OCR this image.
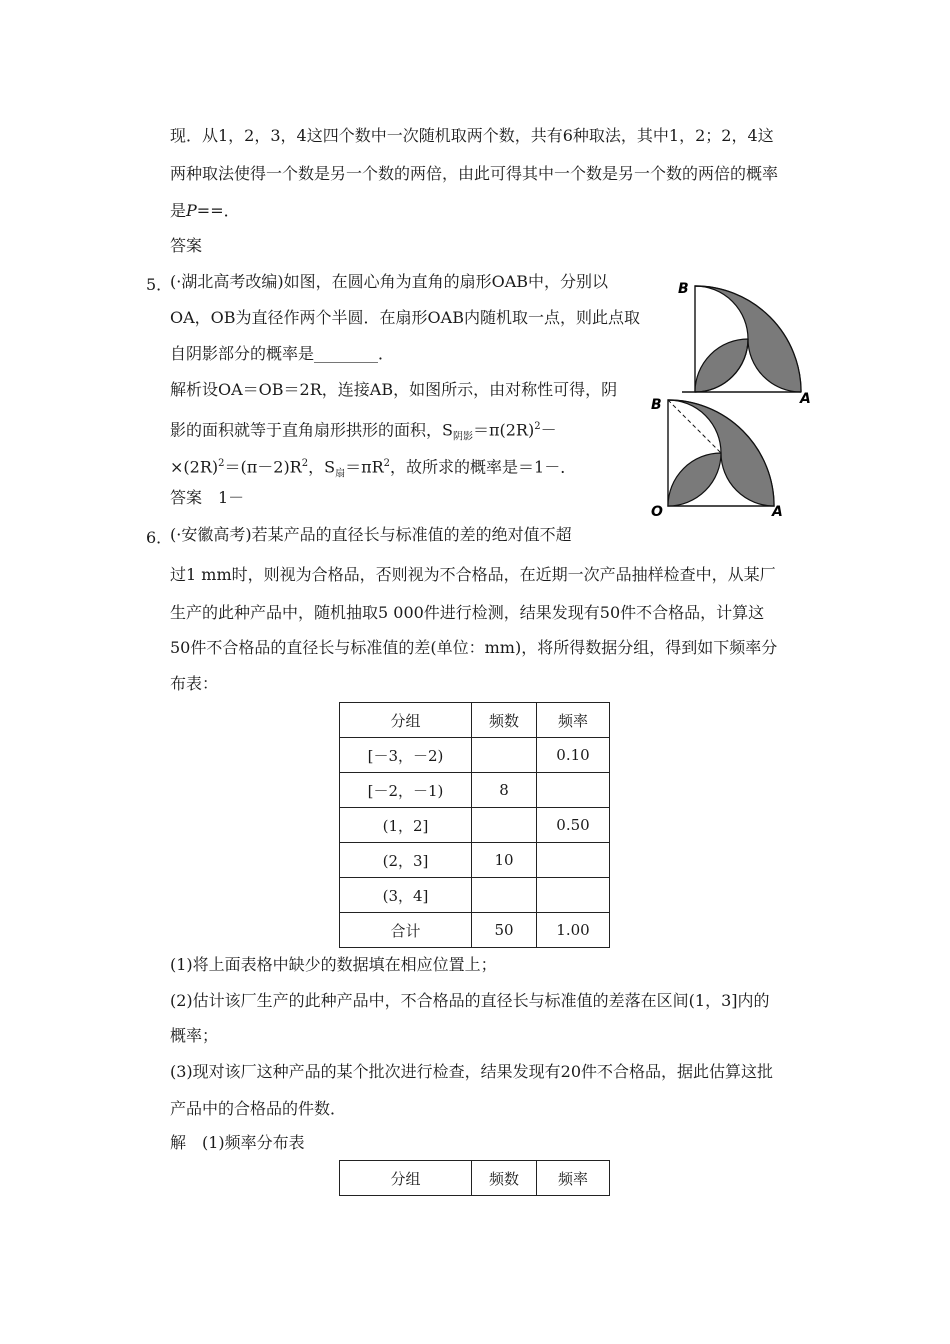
现．从1，2，3，4这四个数中一次随机取两个数，共有6种取法，其中1，2；2，4这
两种取法使得一个数是另一个数的两倍，由此可得其中一个数是另一个数的两倍的概率
是P==．
答案
5．
(·湖北高考改编)如图，在圆心角为直角的扇形OAB中，分别以
OA，OB为直径作两个半圆．在扇形OAB内随机取一点，则此点取
自阴影部分的概率是________．
解析设OA＝OB＝2R，连接AB，如图所示，由对称性可得，阴
影的面积就等于直角扇形拱形的面积，$S_{阴影}=\pi(2R)^2-$
$\times(2R)^2=(\pi-2)R^2$，$S_扇=\pi R^2$，故所求的概率是＝1－．
答案　1－
B
A
B
O	A
6．
(·安徽高考)若某产品的直径长与标准值的差的绝对值不超
过1 mm时，则视为合格品，否则视为不合格品，在近期一次产品抽样检查中，从某厂
生产的此种产品中，随机抽取5 000件进行检测，结果发现有50件不合格品，计算这
50件不合格品的直径长与标准值的差(单位：mm)，将所得数据分组，得到如下频率分
布表：
分组	频数	频率
[－3，－2)		0.10
[－2，－1)	8	
(1，2]		0.50
(2，3]	10	
(3，4]		
合计	50	1.00
(1)将上面表格中缺少的数据填在相应位置上；
(2)估计该厂生产的此种产品中，不合格品的直径长与标准值的差落在区间(1，3]内的
概率；
(3)现对该厂这种产品的某个批次进行检查，结果发现有20件不合格品，据此估算这批
产品中的合格品的件数．
解　(1)频率分布表
分组	频数	频率
